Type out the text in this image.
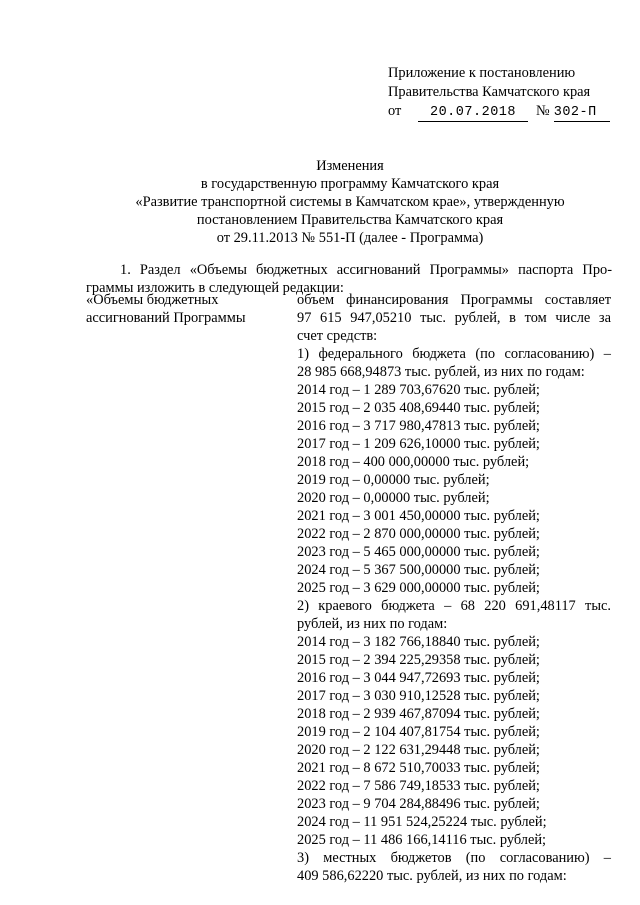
Приложение к постановлению
Правительства Камчатского края
от	20.07.2018	№ 302-П
Изменения
в государственную программу Камчатского края
«Развитие транспортной системы в Камчатском крае», утвержденную
постановлением Правительства Камчатского края
от 29.11.2013 № 551-П (далее - Программа)
1. Раздел «Объемы бюджетных ассигнований Программы» паспорта Про-
граммы изложить в следующей редакции:
«Объемы бюджетных
ассигнований Программы
объем финансирования Программы составляет
97 615 947,05210 тыс. рублей, в том числе за
счет средств:
1) федерального бюджета (по согласованию) –
28 985 668,94873 тыс. рублей, из них по годам:
2014 год – 1 289 703,67620 тыс. рублей;
2015 год – 2 035 408,69440 тыс. рублей;
2016 год – 3 717 980,47813 тыс. рублей;
2017 год – 1 209 626,10000 тыс. рублей;
2018 год – 400 000,00000 тыс. рублей;
2019 год – 0,00000 тыс. рублей;
2020 год – 0,00000 тыс. рублей;
2021 год – 3 001 450,00000 тыс. рублей;
2022 год – 2 870 000,00000 тыс. рублей;
2023 год – 5 465 000,00000 тыс. рублей;
2024 год – 5 367 500,00000 тыс. рублей;
2025 год – 3 629 000,00000 тыс. рублей;
2) краевого бюджета – 68 220 691,48117 тыс.
рублей, из них по годам:
2014 год – 3 182 766,18840 тыс. рублей;
2015 год – 2 394 225,29358 тыс. рублей;
2016 год – 3 044 947,72693 тыс. рублей;
2017 год – 3 030 910,12528 тыс. рублей;
2018 год – 2 939 467,87094 тыс. рублей;
2019 год – 2 104 407,81754 тыс. рублей;
2020 год – 2 122 631,29448 тыс. рублей;
2021 год – 8 672 510,70033 тыс. рублей;
2022 год – 7 586 749,18533 тыс. рублей;
2023 год – 9 704 284,88496 тыс. рублей;
2024 год – 11 951 524,25224 тыс. рублей;
2025 год – 11 486 166,14116 тыс. рублей;
3) местных бюджетов (по согласованию) –
409 586,62220 тыс. рублей, из них по годам:
